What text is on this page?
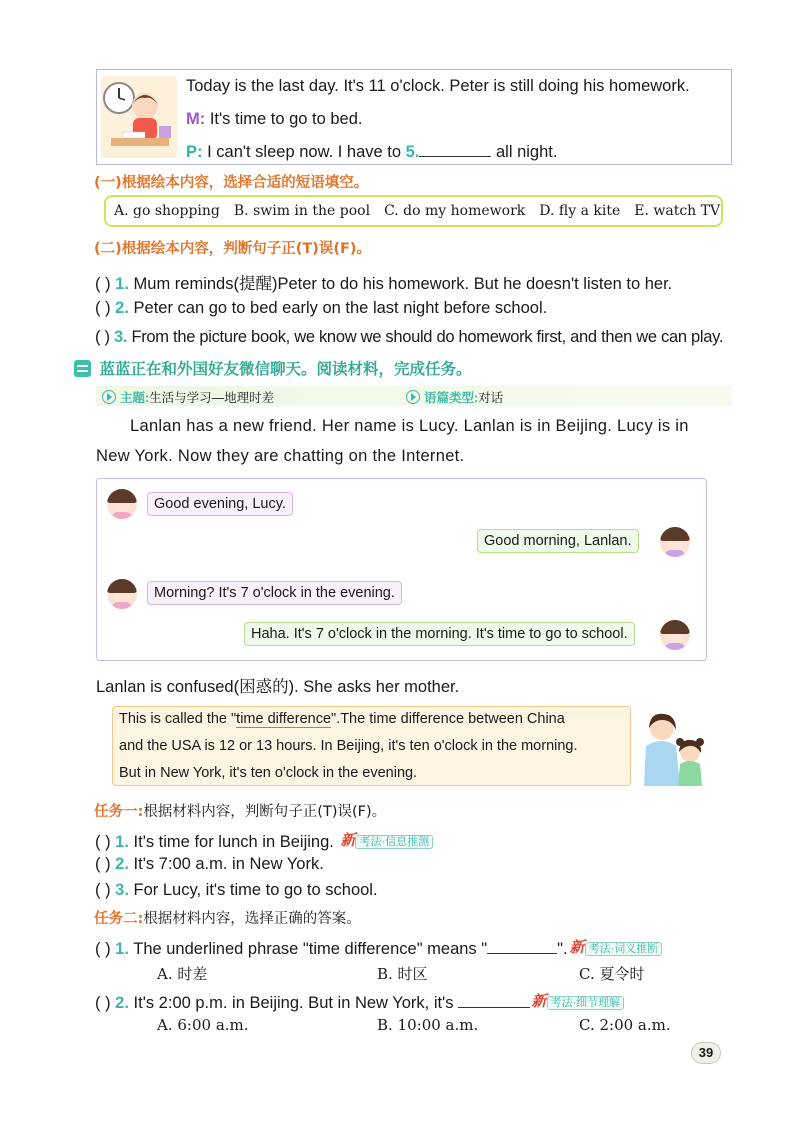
Today is the last day. It's 11 o'clock. Peter is still doing his homework.
M: It's time to go to bed.
P: I can't sleep now. I have to 5.	all night.
(一)根据绘本内容，选择合适的短语填空。
A. go shopping B. swim in the pool C. do my homework D. fly a kite E. watch TV
(二)根据绘本内容，判断句子正(T)误(F)。
( ) 1. Mum reminds(提醒)Peter to do his homework. But he doesn't listen to her.
( ) 2. Peter can go to bed early on the last night before school.
( ) 3. From the picture book, we know we should do homework first, and then we can play.
蓝蓝正在和外国好友微信聊天。阅读材料，完成任务。
主题:生活与学习—地理时差	语篇类型:对话
Lanlan has a new friend. Her name is Lucy. Lanlan is in Beijing. Lucy is in
New York. Now they are chatting on the Internet.
Good evening, Lucy.
Good morning, Lanlan.
Morning? It's 7 o'clock in the evening.
Haha. It's 7 o'clock in the morning. It's time to go to school.
Lanlan is confused(困惑的). She asks her mother.
This is called the "time difference".The time difference between China
and the USA is 12 or 13 hours. In Beijing, it's ten o'clock in the morning.
But in New York, it's ten o'clock in the evening.
任务一:根据材料内容，判断句子正(T)误(F)。
( ) 1. It's time for lunch in Beijing. 新 考法·信息推测
( ) 2. It's 7:00 a.m. in New York.
( ) 3. For Lucy, it's time to go to school.
任务二:根据材料内容，选择正确的答案。
( ) 1. The underlined phrase "time difference" means "	". 新 考法·词义推断
A. 时差	B. 时区	C. 夏令时
( ) 2. It's 2:00 p.m. in Beijing. But in New York, it's	新 考法·细节理解
A. 6:00 a.m.	B. 10:00 a.m.	C. 2:00 a.m.
39
